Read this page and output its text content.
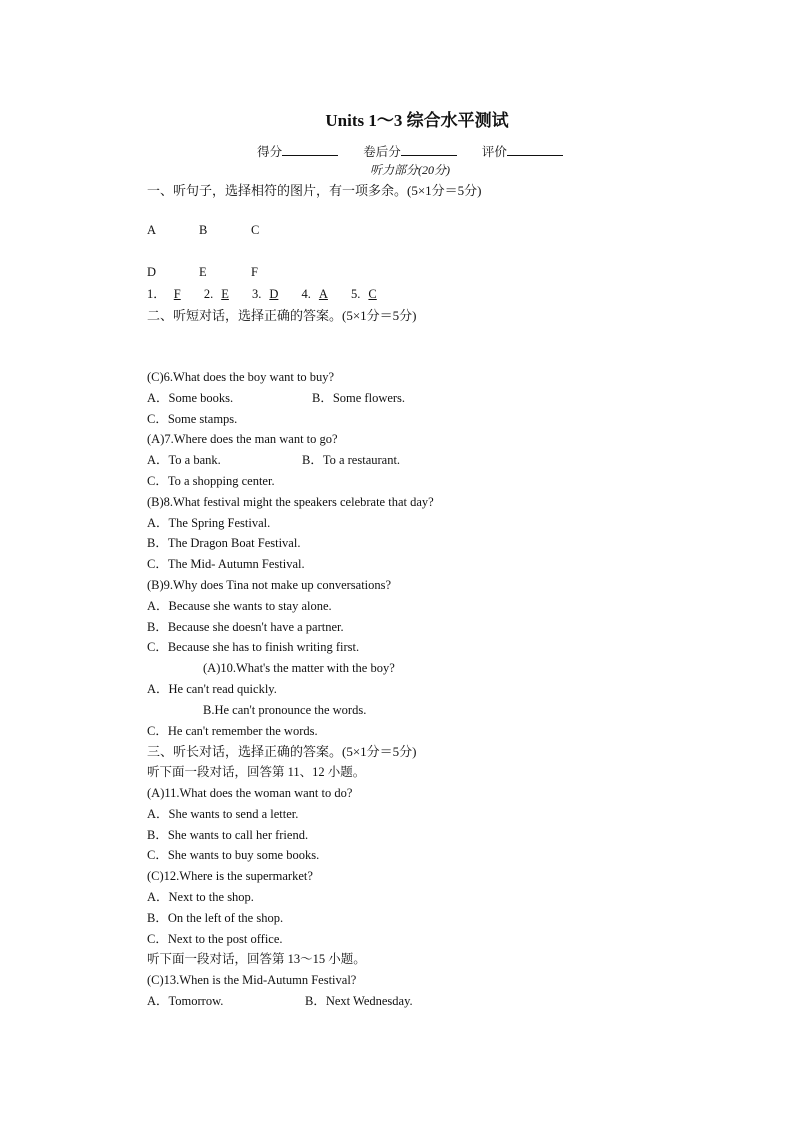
Units 1～3 综合水平测试
得分	卷后分	评价
听力部分(20分)
一、听句子，选择相符的图片，有一项多余。(5×1分＝5分)
A	B	C
D	E	F
1． F 2. E 3. D 4. A 5. C
二、听短对话，选择正确的答案。(5×1分＝5分)
(C)6.What does the boy want to buy?
A．Some books.	B．Some flowers.
C．Some stamps.
(A)7.Where does the man want to go?
A．To a bank.	B．To a restaurant.
C．To a shopping center.
(B)8.What festival might the speakers celebrate that day?
A．The Spring Festival.
B．The Dragon Boat Festival.
C．The Mid- Autumn Festival.
(B)9.Why does Tina not make up conversations?
A．Because she wants to stay alone.
B．Because she doesn't have a partner.
C．Because she has to finish writing first.
(A)10.What's the matter with the boy?
A．He can't read quickly.
B.He can't pronounce the words.
C．He can't remember the words.
三、听长对话，选择正确的答案。(5×1分＝5分)
听下面一段对话，回答第 11、12 小题。
(A)11.What does the woman want to do?
A．She wants to send a letter.
B．She wants to call her friend.
C．She wants to buy some books.
(C)12.Where is the supermarket?
A．Next to the shop.
B．On the left of the shop.
C．Next to the post office.
听下面一段对话，回答第 13～15 小题。
(C)13.When is the Mid-Autumn Festival?
A．Tomorrow.	B．Next Wednesday.
